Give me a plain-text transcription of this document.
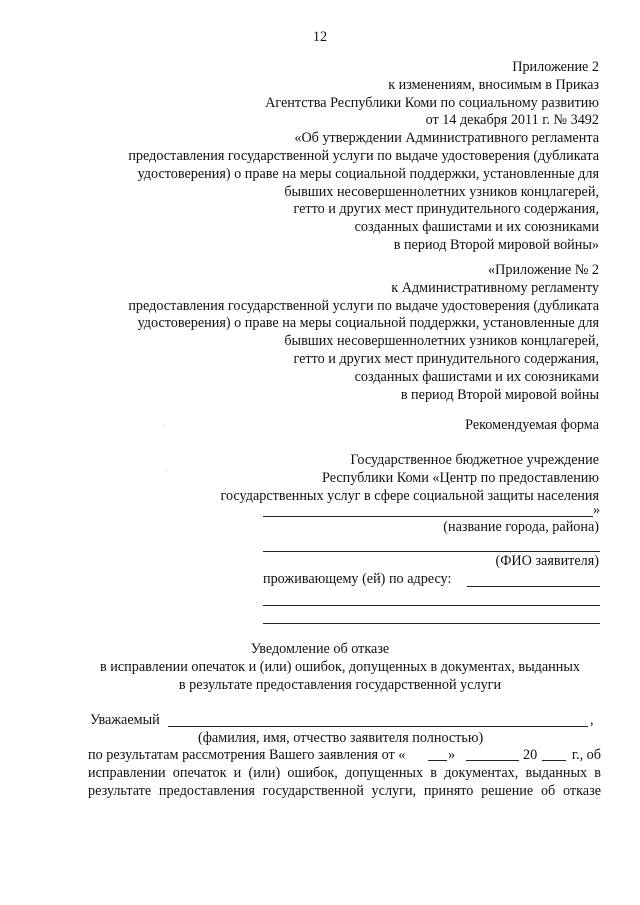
12
Приложение 2
к изменениям, вносимым в Приказ
Агентства Республики Коми по социальному развитию
от 14 декабря 2011 г. № 3492
«Об утверждении Административного регламента
предоставления государственной услуги по выдаче удостоверения (дубликата
удостоверения) о праве на меры социальной поддержки, установленные для
бывших несовершеннолетних узников концлагерей,
гетто и других мест принудительного содержания,
созданных фашистами и их союзниками
в период Второй мировой войны»
«Приложение № 2
к Административному регламенту
предоставления государственной услуги по выдаче удостоверения (дубликата
удостоверения) о праве на меры социальной поддержки, установленные для
бывших несовершеннолетних узников концлагерей,
гетто и других мест принудительного содержания,
созданных фашистами и их союзниками
в период Второй мировой войны
Рекомендуемая форма
Государственное бюджетное учреждение
Республики Коми «Центр по предоставлению
государственных услуг в сфере социальной защиты населения
»
(название города, района)
(ФИО заявителя)
проживающему (ей) по адресу:
Уведомление об отказе
в исправлении опечаток и (или) ошибок, допущенных в документах, выданных
в результате предоставления государственной услуги
Уважаемый	,
(фамилия, имя, отчество заявителя полностью)
по результатам рассмотрения Вашего заявления от «	»	20 г., об
исправлении опечаток и (или) ошибок, допущенных в документах, выданных в
результате предоставления государственной услуги, принято решение об отказе
